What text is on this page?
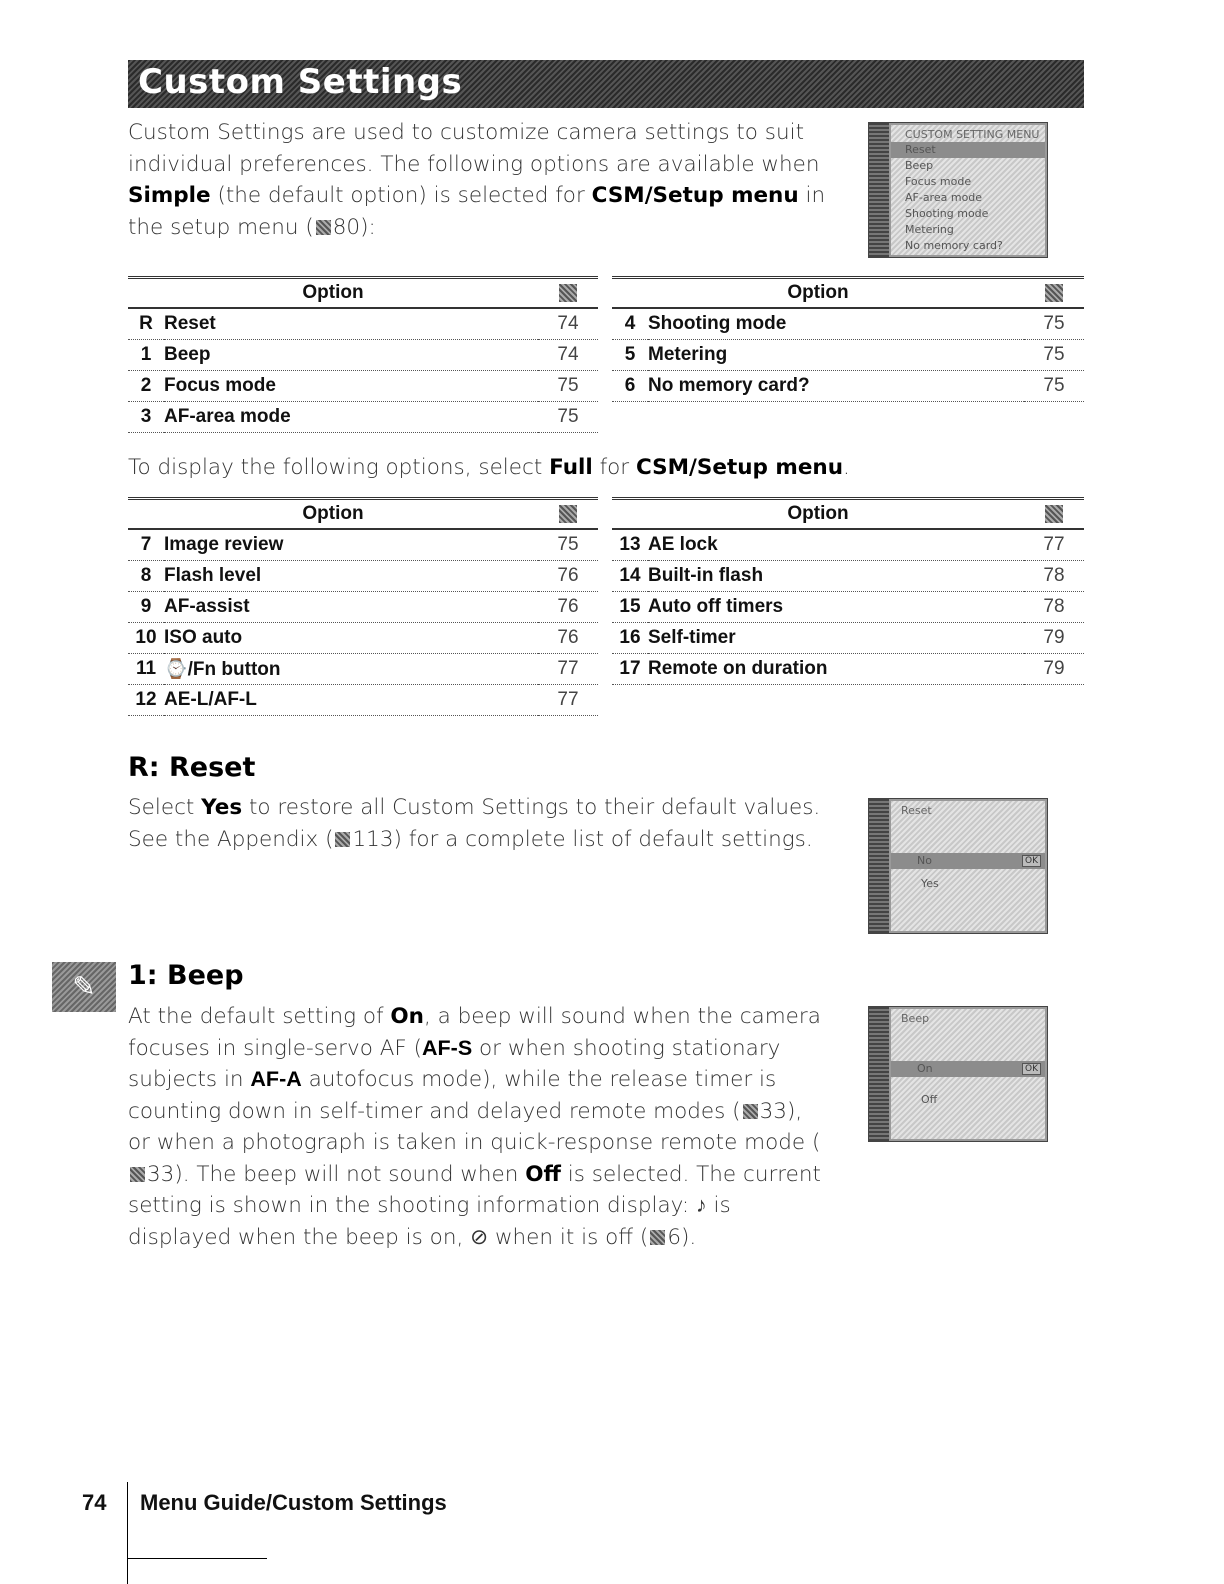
Custom Settings

Custom Settings are used to customize camera settings to suit individual preferences. The following options are available when Simple (the default option) is selected for CSM/Setup menu in the setup menu ( 80):

CUSTOM SETTING MENU
Reset
Beep
Focus mode
AF-area mode
Shooting mode
Metering
No memory card?
Option		
R	Reset	74
1	Beep	74
2	Focus mode	75
3	AF-area mode	75
Option		
4	Shooting mode	75
5	Metering	75
6	No memory card?	75

To display the following options, select Full for CSM/Setup menu.

Option		
7	Image review	75
8	Flash level	76
9	AF-assist	76
10	ISO auto	76
11	⌚/Fn button	77
12	AE-L/AF-L	77
Option		
13	AE lock	77
14	Built-in flash	78
15	Auto off timers	78
16	Self-timer	79
17	Remote on duration	79
R: Reset

Select Yes to restore all Custom Settings to their default values. See the Appendix ( 113) for a complete list of default settings.

Reset
No	OK
Yes
✎	1: Beep

At the default setting of On, a beep will sound when the camera focuses in single-servo AF (AF-S or when shooting stationary subjects in AF-A autofocus mode), while the release timer is counting down in self-timer and delayed remote modes ( 33), or when a photograph is taken in quick-response remote mode (33). The beep will not sound when Off is selected. The current setting is shown in the shooting information display: ♪ is displayed when the beep is on, ⊘ when it is off ( 6).

Beep
On	OK
Off
74 Menu Guide/Custom Settings
